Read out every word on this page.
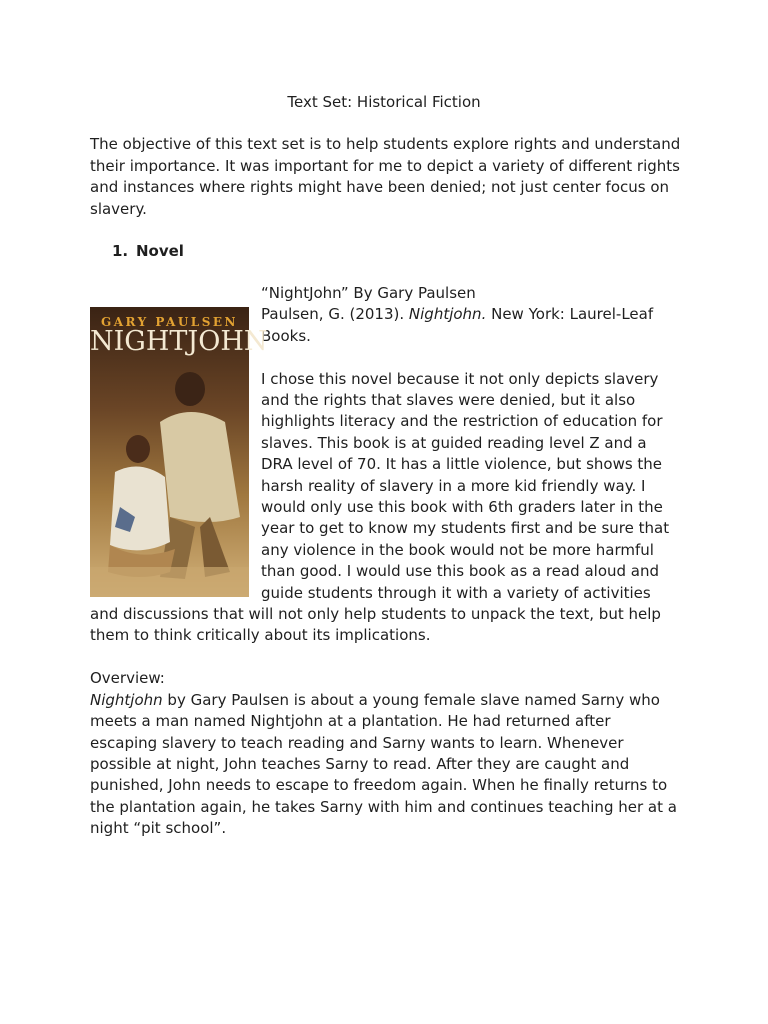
Text Set: Historical Fiction

The objective of this text set is to help students explore rights and understand their importance. It was important for me to depict a variety of different rights and instances where rights might have been denied; not just center focus on slavery.

1. Novel
GARY PAULSEN
NIGHTJOHN

“NightJohn” By Gary Paulsen

Paulsen, G. (2013). Nightjohn. New York: Laurel-Leaf Books.

I chose this novel because it not only depicts slavery and the rights that slaves were denied, but it also highlights literacy and the restriction of education for slaves. This book is at guided reading level Z and a DRA level of 70. It has a little violence, but shows the harsh reality of slavery in a more kid friendly way. I would only use this book with 6th graders later in the year to get to know my students first and be sure that any violence in the book would not be more harmful than good. I would use this book as a read aloud and guide students through it with a variety of activities and discussions that will not only help students to unpack the text, but help them to think critically about its implications.

Overview:

Nightjohn by Gary Paulsen is about a young female slave named Sarny who meets a man named Nightjohn at a plantation. He had returned after escaping slavery to teach reading and Sarny wants to learn. Whenever possible at night, John teaches Sarny to read. After they are caught and punished, John needs to escape to freedom again. When he finally returns to the plantation again, he takes Sarny with him and continues teaching her at a night “pit school”.
